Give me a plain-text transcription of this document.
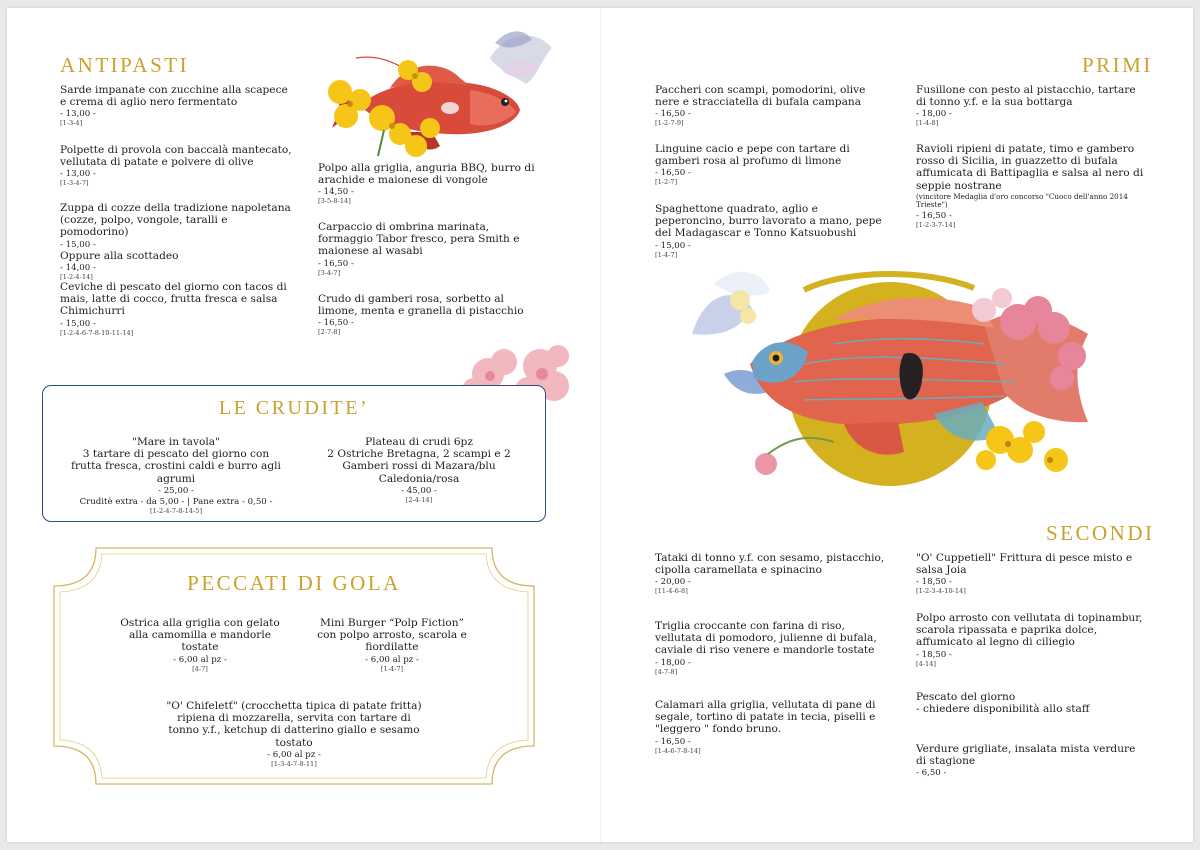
ANTIPASTI

Sarde impanate con zucchine alla scapece e crema di aglio nero fermentato

- 13,00 -
[1-3-4]

Polpette di provola con baccalà mantecato, vellutata di patate e polvere di olive

- 13,00 -
[1-3-4-7]

Zuppa di cozze della tradizione napoletana (cozze, polpo, vongole, taralli e pomodorino)

- 15,00 -

Oppure alla scottadeo

- 14,00 -
[1-2-4-14]

Ceviche di pescato del giorno con tacos di mais, latte di cocco, frutta fresca e salsa Chimichurri

- 15,00 -
[1-2-4-6-7-8-10-11-14]

Polpo alla griglia, anguria BBQ, burro di arachide e maionese di vongole

- 14,50 -
[3-5-8-14]

Carpaccio di ombrina marinata, formaggio Tabor fresco, pera Smith e maionese al wasabi

- 16,50 -
[3-4-7]

Crudo di gamberi rosa, sorbetto al limone, menta e granella di pistacchio

- 16,50 -
[2-7-8]
LE CRUDITE’

"Mare in tavola"

3 tartare di pescato del giorno con frutta fresca, crostini caldi e burro agli agrumi

- 25,00 -
Cruditè extra - da 5,00 - | Pane extra - 0,50 -
[1-2-4-7-8-14-5]

Plateau di crudi 6pz

2 Ostriche Bretagna, 2 scampi e 2 Gamberi rossi di Mazara/blu Caledonia/rosa

- 45,00 -
[2-4-14]
PECCATI DI GOLA

Ostrica alla griglia con gelato alla camomilla e mandorle tostate

- 6,00 al pz -
[4-7]

Mini Burger “Polp Fiction” con polpo arrosto, scarola e fiordilatte

- 6,00 al pz -
[1-4-7]

"O' Chifeletť" (crocchetta tipica di patate fritta) ripiena di mozzarella, servita con tartare di tonno y.f., ketchup di datterino giallo e sesamo tostato

- 6,00 al pz -
[1-3-4-7-8-11]
PRIMI

Paccheri con scampi, pomodorini, olive nere e stracciatella di bufala campana

- 16,50 -
[1-2-7-9]

Linguine cacio e pepe con tartare di gamberi rosa al profumo di limone

- 16,50 -
[1-2-7]

Spaghettone quadrato, aglio e peperoncino, burro lavorato a mano, pepe del Madagascar e Tonno Katsuobushi

- 15,00 -
[1-4-7]

Fusillone con pesto al pistacchio, tartare di tonno y.f. e la sua bottarga

- 18,00 -
[1-4-8]

Ravioli ripieni di patate, timo e gambero rosso di Sicilia, in guazzetto di bufala affumicata di Battipaglia e salsa al nero di seppie nostrane

(vincitore Medaglia d'oro concorso "Cuoco dell'anno 2014 Trieste")

- 16,50 -
[1-2-3-7-14]
SECONDI

Tataki di tonno y.f. con sesamo, pistacchio, cipolla caramellata e spinacino

- 20,00 -
[11-4-6-8]

Triglia croccante con farina di riso, vellutata di pomodoro, julienne di bufala, caviale di riso venere e mandorle tostate

- 18,00 -
[4-7-8]

Calamari alla griglia, vellutata di pane di segale, tortino di patate in tecia, piselli e "leggero " fondo bruno.

- 16,50 -
[1-4-6-7-8-14]

"O' Cuppetiell" Frittura di pesce misto e salsa Joia

- 18,50 -
[1-2-3-4-10-14]

Polpo arrosto con vellutata di topinambur, scarola ripassata e paprika dolce, affumicato al legno di ciliegio

- 18,50 -
[4-14]

Pescato del giorno

- chiedere disponibilità allo staff

Verdure grigliate, insalata mista verdure di stagione

- 6,50 -
